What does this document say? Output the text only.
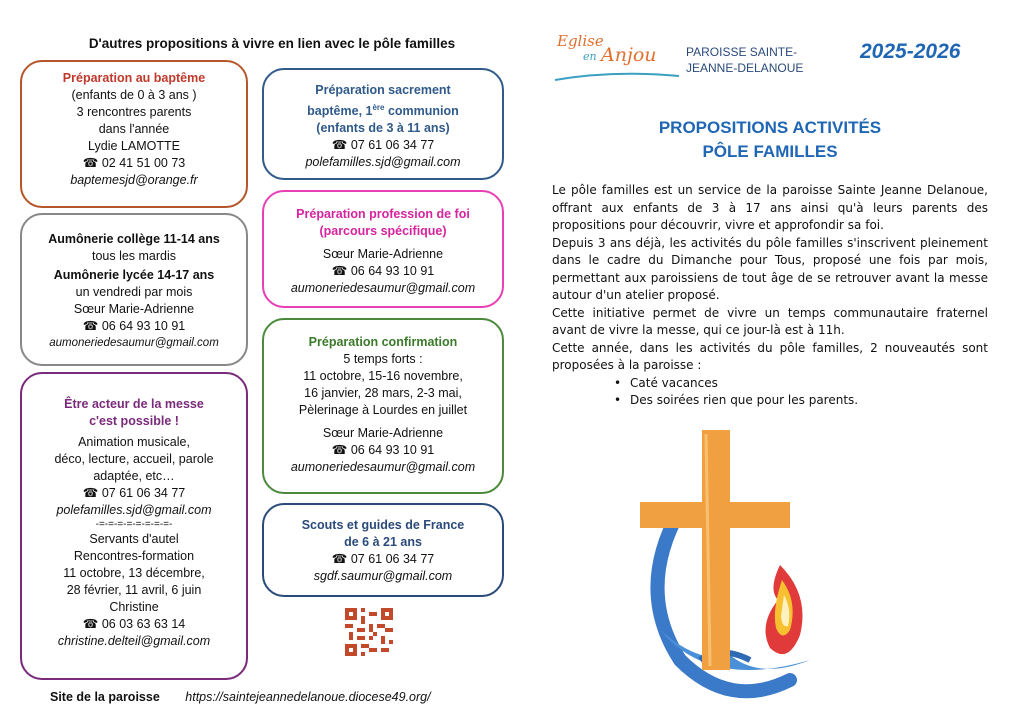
D'autres propositions à vivre en lien avec le pôle familles
Préparation au baptême
(enfants de 0 à 3 ans )
3 rencontres parents
dans l'année
Lydie LAMOTTE
☎ 02 41 51 00 73
baptemesjd@orange.fr
Aumônerie collège 11-14 ans
tous les mardis
Aumônerie lycée 14-17 ans
un vendredi par mois
Sœur Marie-Adrienne
☎ 06 64 93 10 91
aumoneriedesaumur@gmail.com
Être acteur de la messe
c'est possible !
Animation musicale,
déco, lecture, accueil, parole
adaptée, etc…
☎ 07 61 06 34 77
polefamilles.sjd@gmail.com
-=-=-=-=-=-=-=-=-
Servants d'autel
Rencontres-formation
11 octobre, 13 décembre,
28 février, 11 avril, 6 juin
Christine
☎ 06 03 63 63 14
christine.delteil@gmail.com
Préparation sacrement
baptême, 1ère communion
(enfants de 3 à 11 ans)
☎ 07 61 06 34 77
polefamilles.sjd@gmail.com
Préparation profession de foi
(parcours spécifique)
Sœur Marie-Adrienne
☎ 06 64 93 10 91
aumoneriedesaumur@gmail.com
Préparation confirmation
5 temps forts :
11 octobre, 15-16 novembre,
16 janvier, 28 mars, 2-3 mai,
Pèlerinage à Lourdes en juillet
Sœur Marie-Adrienne
☎ 06 64 93 10 91
aumoneriedesaumur@gmail.com
Scouts et guides de France
de 6 à 21 ans
☎ 07 61 06 34 77
sgdf.saumur@gmail.com
Site de la paroisse https://saintejeannedelanoue.diocese49.org/
Eglise
en Anjou PAROISSE SAINTE-
JEANNE-DELANOUE
2025-2026
PROPOSITIONS ACTIVITÉS
PÔLE FAMILLES

Le pôle familles est un service de la paroisse Sainte Jeanne Delanoue, offrant aux enfants de 3 à 17 ans ainsi qu'à leurs parents des propositions pour découvrir, vivre et approfondir sa foi.

Depuis 3 ans déjà, les activités du pôle familles s'inscrivent pleinement dans le cadre du Dimanche pour Tous, proposé une fois par mois, permettant aux paroissiens de tout âge de se retrouver avant la messe autour d'un atelier proposé.

Cette initiative permet de vivre un temps communautaire fraternel avant de vivre la messe, qui ce jour-là est à 11h.

Cette année, dans les activités du pôle familles, 2 nouveautés sont proposées à la paroisse :

• Caté vacances
• Des soirées rien que pour les parents.
